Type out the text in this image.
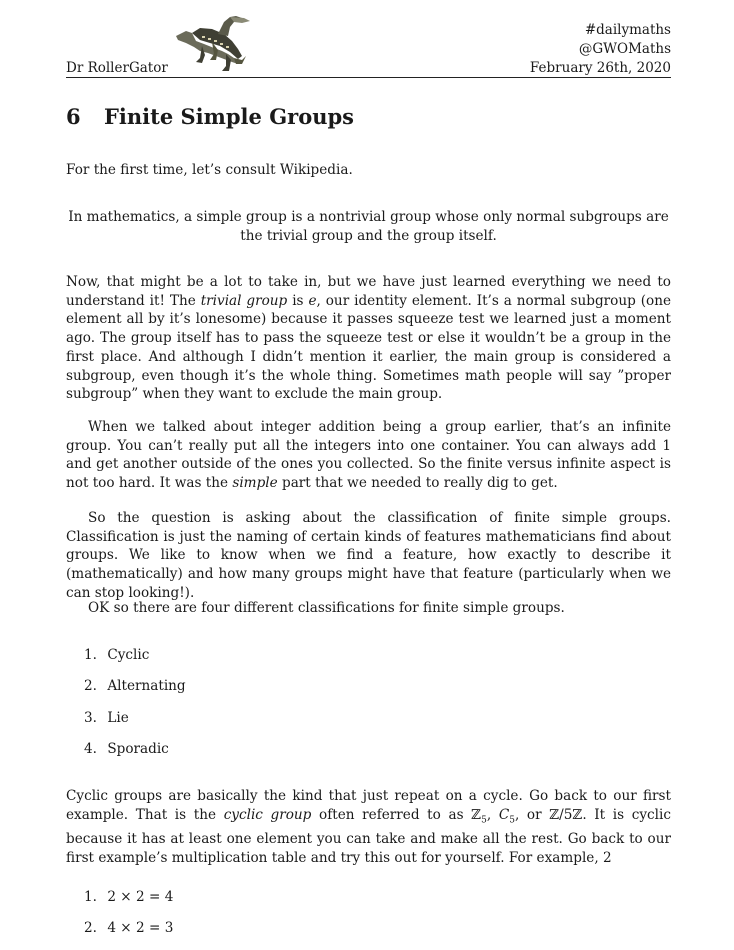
Dr RollerGator
#dailymaths
@GWOMaths
February 26th, 2020
6 Finite Simple Groups
For the first time, let’s consult Wikipedia.
In mathematics, a simple group is a nontrivial group whose only normal subgroups are the trivial group and the group itself.
Now, that might be a lot to take in, but we have just learned everything we need to understand it! The trivial group is e, our identity element. It’s a normal subgroup (one element all by it’s lonesome) because it passes squeeze test we learned just a moment ago. The group itself has to pass the squeeze test or else it wouldn’t be a group in the first place. And although I didn’t mention it earlier, the main group is considered a subgroup, even though it’s the whole thing. Sometimes math people will say ”proper subgroup” when they want to exclude the main group.
When we talked about integer addition being a group earlier, that’s an infinite group. You can’t really put all the integers into one container. You can always add 1 and get another outside of the ones you collected. So the finite versus infinite aspect is not too hard. It was the simple part that we needed to really dig to get.
So the question is asking about the classification of finite simple groups. Classification is just the naming of certain kinds of features mathematicians find about groups. We like to know when we find a feature, how exactly to describe it (mathematically) and how many groups might have that feature (particularly when we can stop looking!).
OK so there are four different classifications for finite simple groups.
1. Cyclic
2. Alternating
3. Lie
4. Sporadic
Cyclic groups are basically the kind that just repeat on a cycle. Go back to our first example. That is the cyclic group often referred to as ℤ$_5$, $C_5$, or ℤ/5ℤ. It is cyclic because it has at least one element you can take and make all the rest. Go back to our first example’s multiplication table and try this out for yourself. For example, 2
1. 2 × 2 = 4
2. 4 × 2 = 3
